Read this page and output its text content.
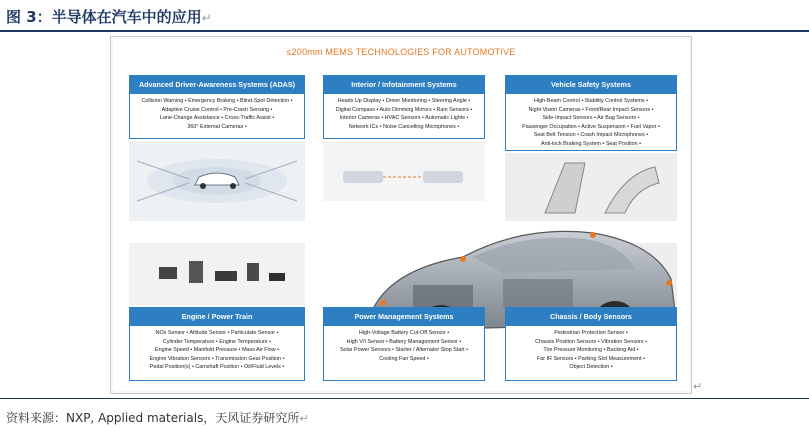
图 3：半导体在汽车中的应用↵
≤200mm MEMS TECHNOLOGIES FOR AUTOMOTIVE
Advanced Driver-Awareness Systems (ADAS)
Collision Warning • Emergency Braking • Blind-Spot Detection •
Adaptive Cruise Control • Pre-Crash Sensing •
Lane-Change Assistance • Cross-Traffic Assist •
360° External Cameras •
Interior / Infotainment Systems
Heads Up Display • Driver Monitoring • Steering Angle •
Digital Compass • Auto Dimming Mirrors • Rain Sensors •
Interior Cameras • HVAC Sensors • Automatic Lights •
Network ICs • Noise Cancelling Microphones •
Vehicle Safety Systems
High-Beam Control • Stability Control Systems •
Night Vision Cameras • Front/Rear Impact Sensors •
Side-Impact Sensors • Air Bag Sensors •
Passenger Occupation • Active Suspension • Fuel Vapor •
Seat Belt Tension • Crash Impact Microphones •
Anti-lock Braking System • Seat Position •
Engine / Power Train
NOx Sensor • Altitude Sensor • Particulate Sensor •
Cylinder Temperature • Engine Temperature •
Engine Speed • Manifold Pressure • Mass Air Flow •
Engine Vibration Sensors • Transmission Gear Position •
Pedal Position(s) • Camshaft Position • Oil/Fluid Levels •
Power Management Systems
High-Voltage Battery Cut-Off Sensor •
High V/I Sensor • Battery Management Sensor •
Solar Power Sensors • Starter / Alternator Stop Start •
Cooling Fan Speed •
Chassis / Body Sensors
Pedestrian Protection Sensor •
Chassis Position Sensors • Vibration Sensors •
Tire Pressure Monitoring • Backing Aid •
Far IR Sensors • Parking Slot Measurement •
Object Detection •
↵
资料来源：NXP, Applied materials，天风证券研究所↵
